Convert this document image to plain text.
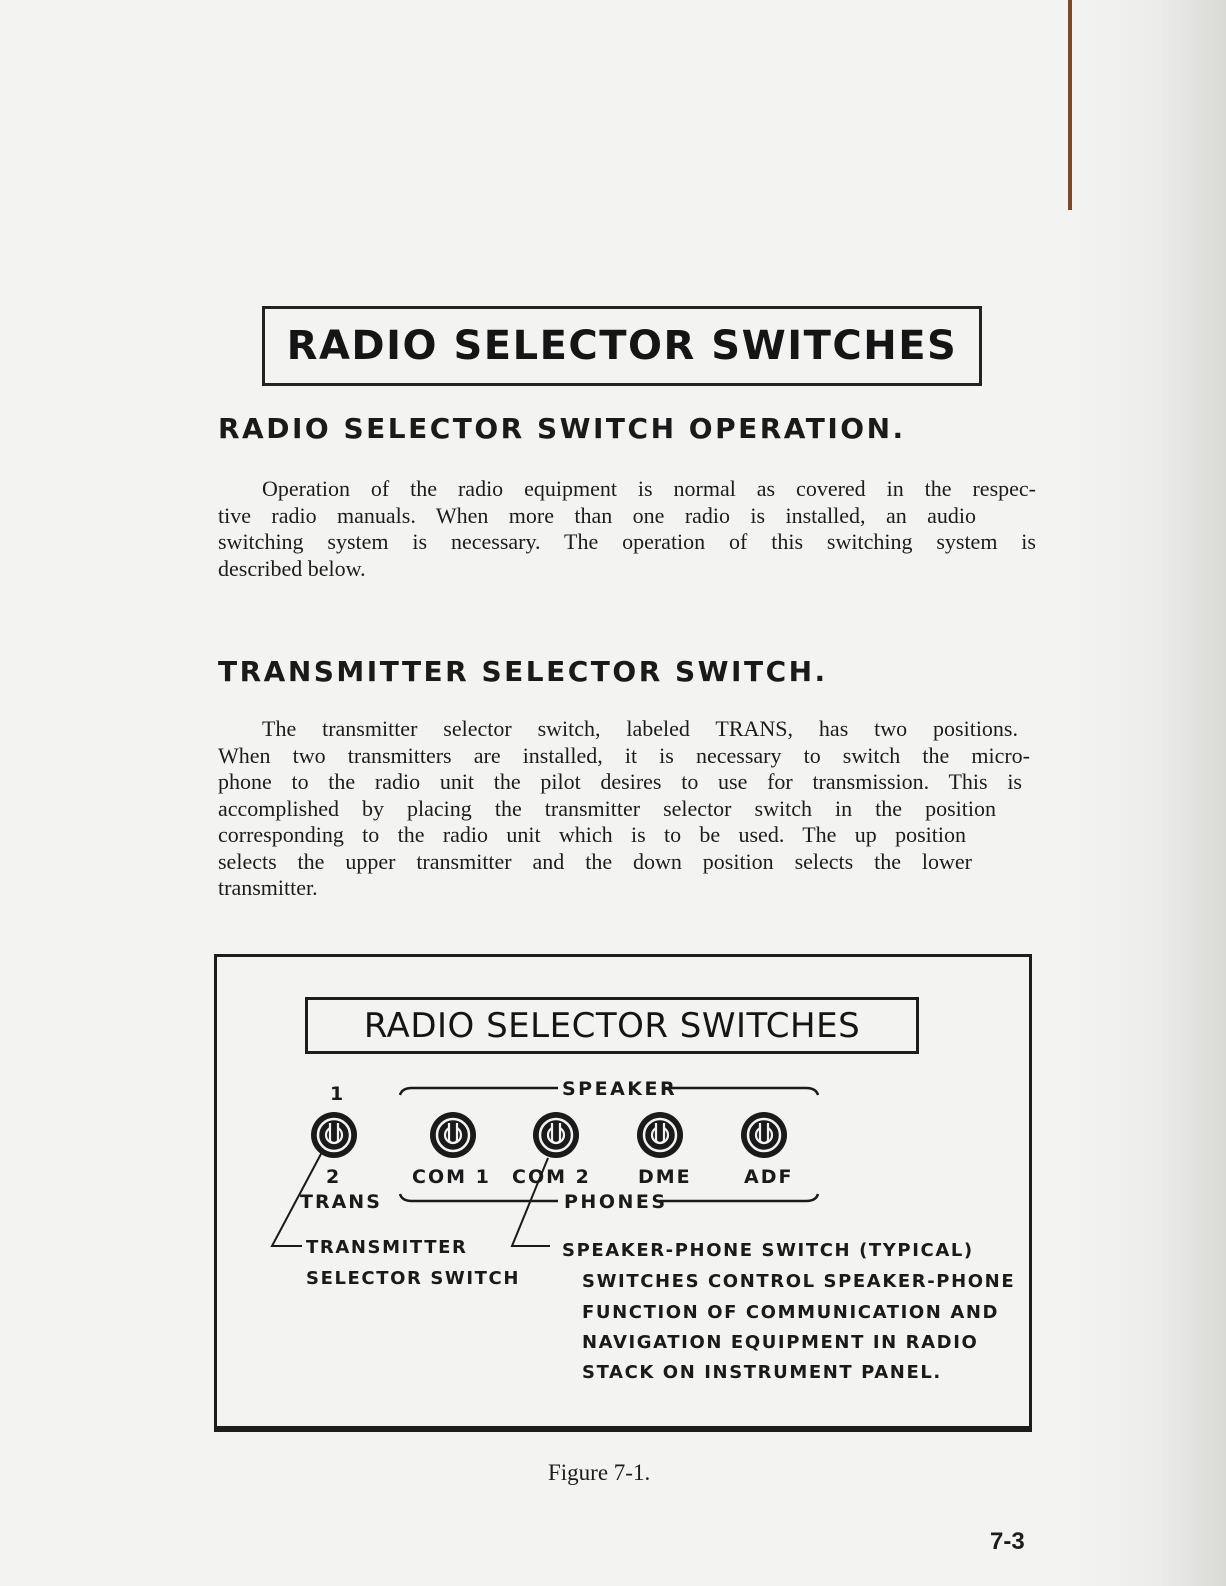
RADIO SELECTOR SWITCHES
RADIO SELECTOR SWITCH OPERATION.
Operation of the radio equipment is normal as covered in the respec-
tive radio manuals. When more than one radio is installed, an audio
switching system is necessary. The operation of this switching system is
described below.
TRANSMITTER SELECTOR SWITCH.
The transmitter selector switch, labeled TRANS, has two positions.
When two transmitters are installed, it is necessary to switch the micro-
phone to the radio unit the pilot desires to use for transmission. This is
accomplished by placing the transmitter selector switch in the position
corresponding to the radio unit which is to be used. The up position
selects the upper transmitter and the down position selects the lower
transmitter.
RADIO SELECTOR SWITCHES
1	SPEAKER
2	COM 1 COM 2 DME	ADF
TRANS	PHONES
TRANSMITTER
SELECTOR SWITCH
SPEAKER-PHONE SWITCH (TYPICAL)
SWITCHES CONTROL SPEAKER-PHONE
FUNCTION OF COMMUNICATION AND
NAVIGATION EQUIPMENT IN RADIO
STACK ON INSTRUMENT PANEL.
Figure 7-1.
7-3
